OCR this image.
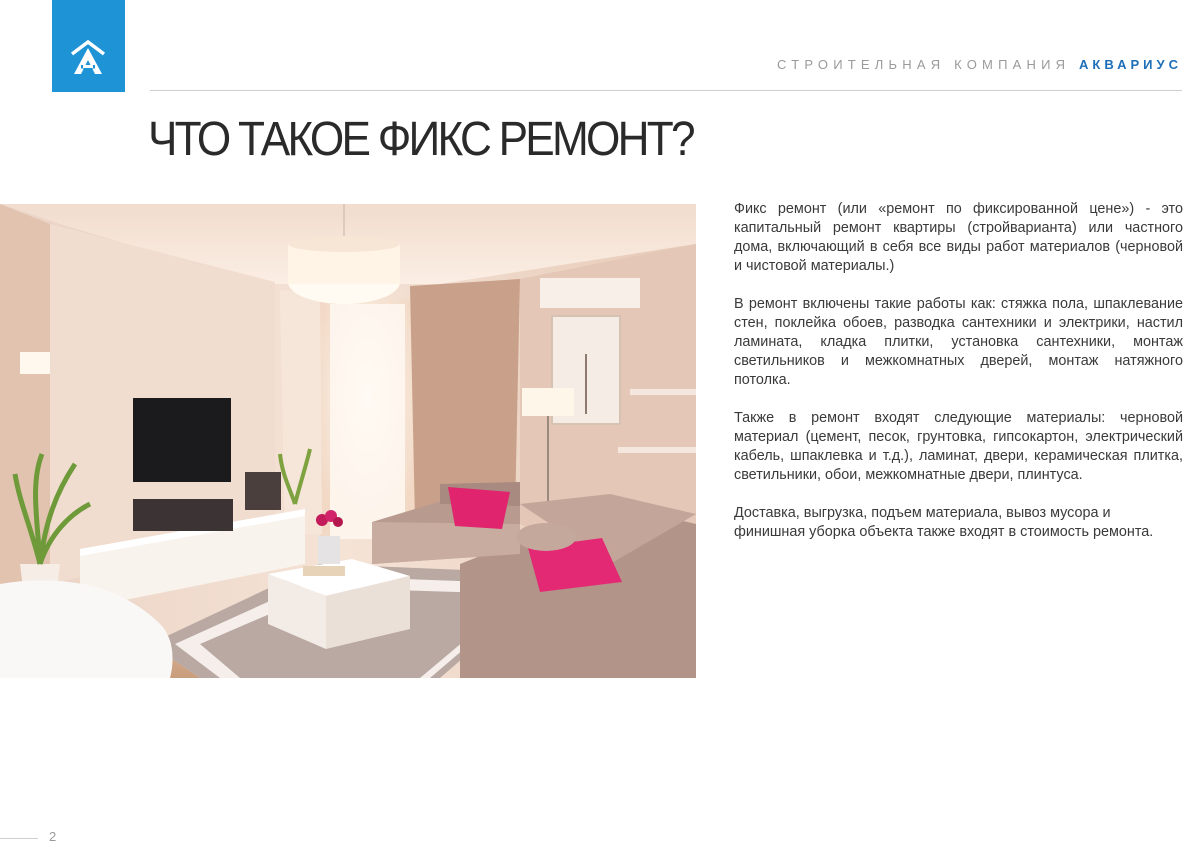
СТРОИТЕЛЬНАЯ КОМПАНИЯ АКВАРИУС
ЧТО ТАКОЕ ФИКС РЕМОНТ?

Фикс ремонт (или «ремонт по фиксированной цене») - это капитальный ремонт квартиры (стройварианта) или частного дома, включающий в себя все виды работ материалов (черновой и чистовой материалы.)

В ремонт включены такие работы как: стяжка пола, шпаклевание стен, поклейка обоев, разводка сантехники и электрики, настил ламината, кладка плитки, установка сантехники, монтаж светильников и межкомнатных дверей, монтаж натяжного потолка.

Также в ремонт входят следующие материалы: черновой материал (цемент, песок, грунтовка, гипсокартон, электрический кабель, шпаклевка и т.д.), ламинат, двери, керамическая плитка, светильники, обои, межкомнатные двери, плинтуса.

Доставка, выгрузка, подъем материала, вывоз мусора и финишная уборка объекта также входят в стоимость ремонта.

2
